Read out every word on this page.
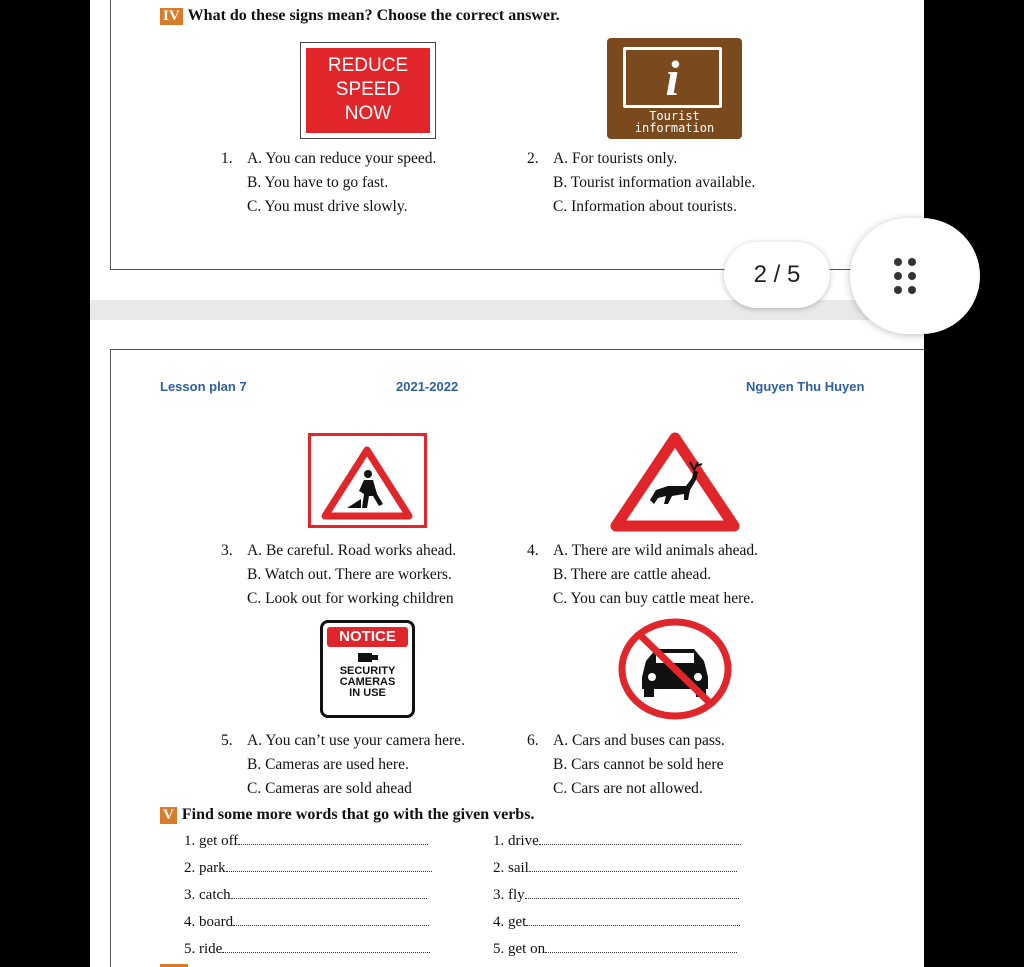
IV What do these signs mean? Choose the correct answer.
REDUCE
SPEED
NOW
i
Tourist
information
1. A. You can reduce your speed.
B. You have to go fast.
C. You must drive slowly.
2. A. For tourists only.
B. Tourist information available.
C. Information about tourists.
2 / 5
Lesson plan 7	2021-2022	Nguyen Thu Huyen
3. A. Be careful. Road works ahead.
B. Watch out. There are workers.
C. Look out for working children
4. A. There are wild animals ahead.
B. There are cattle ahead.
C. You can buy cattle meat here.
NOTICE
SECURITY
CAMERAS
IN USE
5. A. You can’t use your camera here.
B. Cameras are used here.
C. Cameras are sold ahead
6. A. Cars and buses can pass.
B. Cars cannot be sold here
C. Cars are not allowed.
V Find some more words that go with the given verbs.
1. get off
2. park
3. catch
4. board
5. ride
1. drive
2. sail
3. fly
4. get
5. get on
